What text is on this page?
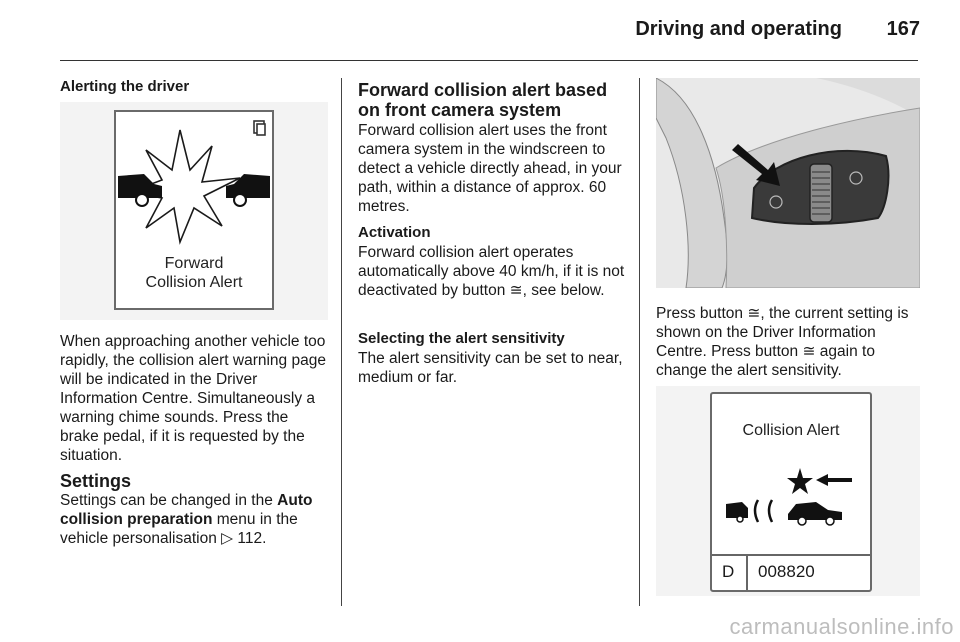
Driving and operating 167
Alerting the driver
Forward
Collision Alert
When approaching another vehicle too rapidly, the collision alert warning page will be indicated in the Driver Information Centre. Simultaneously a warning chime sounds. Press the brake pedal, if it is requested by the situation.
Settings
Settings can be changed in the Auto collision preparation menu in the vehicle personalisation ▷ 112.
Forward collision alert based on front camera system
Forward collision alert uses the front camera system in the windscreen to detect a vehicle directly ahead, in your path, within a distance of approx. 60 metres.
Activation
Forward collision alert operates automatically above 40 km/h, if it is not deactivated by button ≅, see below.
Selecting the alert sensitivity
The alert sensitivity can be set to near, medium or far.
Press button ≅, the current setting is shown on the Driver Information Centre. Press button ≅ again to change the alert sensitivity.
Collision Alert
D 008820
carmanualsonline.info
